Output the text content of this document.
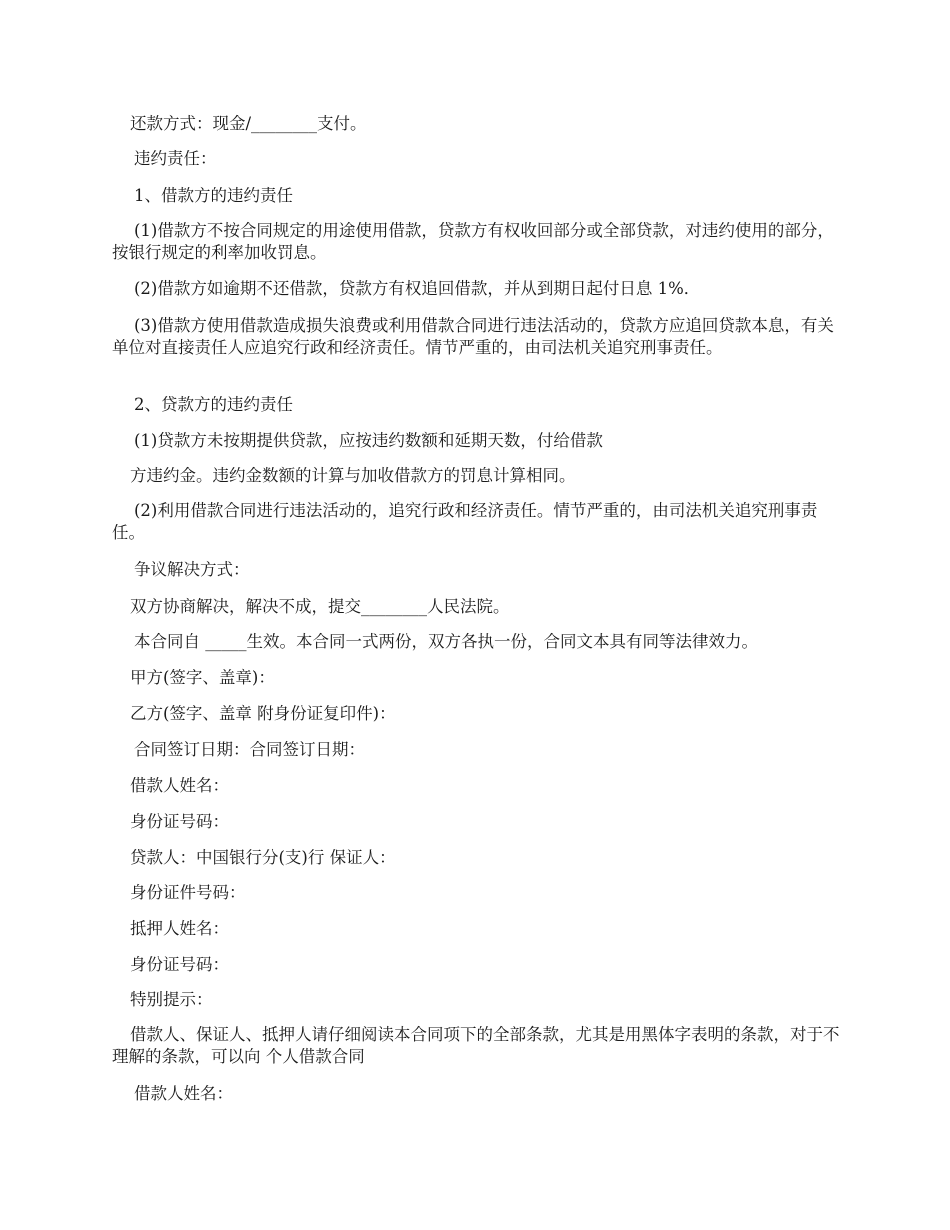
还款方式：现金/________支付。

违约责任：

1、借款方的违约责任

(1)借款方不按合同规定的用途使用借款，贷款方有权收回部分或全部贷款，对违约使用的部分，按银行规定的利率加收罚息。

(2)借款方如逾期不还借款，贷款方有权追回借款，并从到期日起付日息 1%．

(3)借款方使用借款造成损失浪费或利用借款合同进行违法活动的，贷款方应追回贷款本息，有关单位对直接责任人应追究行政和经济责任。情节严重的，由司法机关追究刑事责任。

2、贷款方的违约责任

(1)贷款方未按期提供贷款，应按违约数额和延期天数，付给借款

方违约金。违约金数额的计算与加收借款方的罚息计算相同。

(2)利用借款合同进行违法活动的，追究行政和经济责任。情节严重的，由司法机关追究刑事责任。

争议解决方式：

双方协商解决，解决不成，提交________人民法院。

本合同自 _____生效。本合同一式两份，双方各执一份，合同文本具有同等法律效力。

甲方(签字、盖章)：

乙方(签字、盖章 附身份证复印件)：

合同签订日期：合同签订日期：

借款人姓名：

身份证号码：

贷款人：中国银行分(支)行 保证人：

身份证件号码：

抵押人姓名：

身份证号码：

特别提示：

借款人、保证人、抵押人请仔细阅读本合同项下的全部条款，尤其是用黑体字表明的条款，对于不理解的条款，可以向 个人借款合同

借款人姓名：
